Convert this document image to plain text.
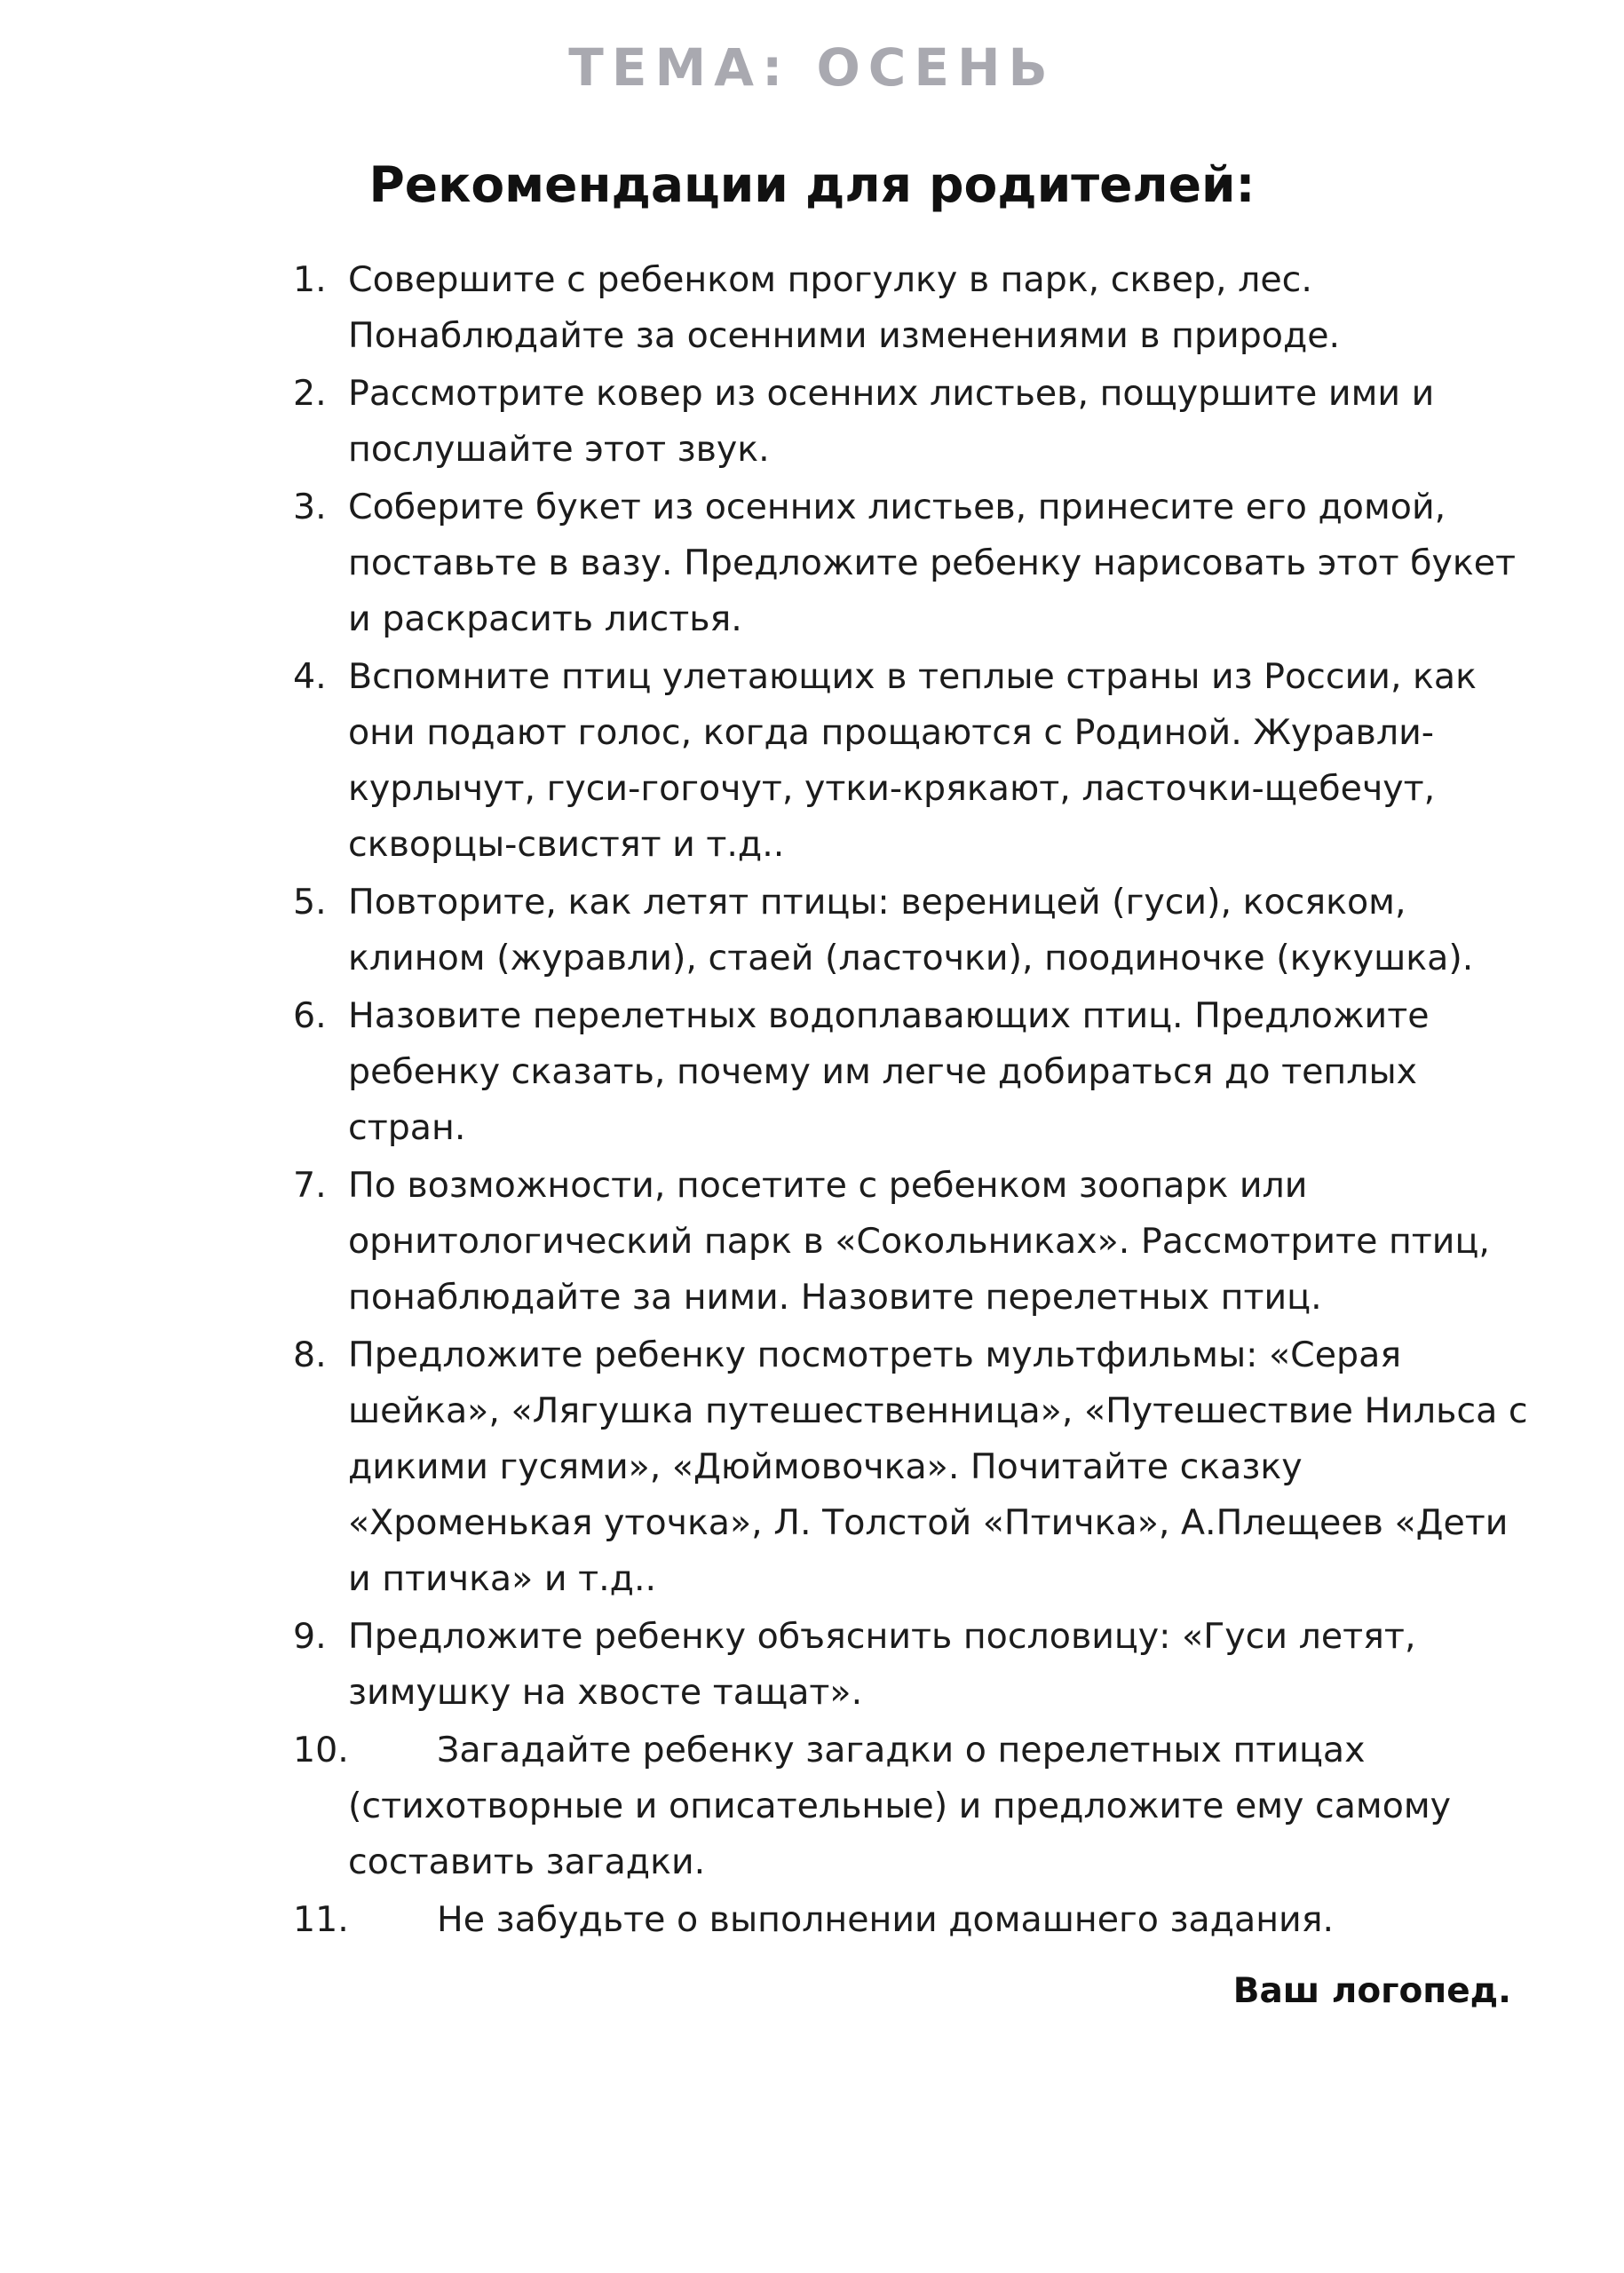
ТЕМА: ОСЕНЬ
Рекомендации для родителей:
1. Совершите с ребенком прогулку в парк, сквер, лес. Понаблюдайте за осенними изменениями в природе.
2. Рассмотрите ковер из осенних листьев, пощуршите ими и послушайте этот звук.
3. Соберите букет из осенних листьев, принесите его домой, поставьте в вазу. Предложите ребенку нарисовать этот букет и раскрасить листья.
4. Вспомните птиц улетающих в теплые страны из России, как они подают голос, когда прощаются с Родиной. Журавли-курлычут, гуси-гогочут, утки-крякают, ласточки-щебечут, скворцы-свистят и т.д..
5. Повторите, как летят птицы: вереницей (гуси), косяком, клином (журавли), стаей (ласточки), поодиночке (кукушка).
6. Назовите перелетных водоплавающих птиц. Предложите ребенку сказать, почему им легче добираться до теплых стран.
7. По возможности, посетите с ребенком зоопарк или орнитологический парк в «Сокольниках». Рассмотрите птиц, понаблюдайте за ними. Назовите перелетных птиц.
8. Предложите ребенку посмотреть мультфильмы: «Серая шейка», «Лягушка путешественница», «Путешествие Нильса с дикими гусями», «Дюймовочка». Почитайте сказку «Хроменькая уточка», Л. Толстой «Птичка», А.Плещеев «Дети и птичка» и т.д..
9. Предложите ребенку объяснить пословицу: «Гуси летят, зимушку на хвосте тащат».
10.	Загадайте ребенку загадки о перелетных птицах (стихотворные и описательные) и предложите ему самому составить загадки.
11.	Не забудьте о выполнении домашнего задания.
Ваш логопед.
